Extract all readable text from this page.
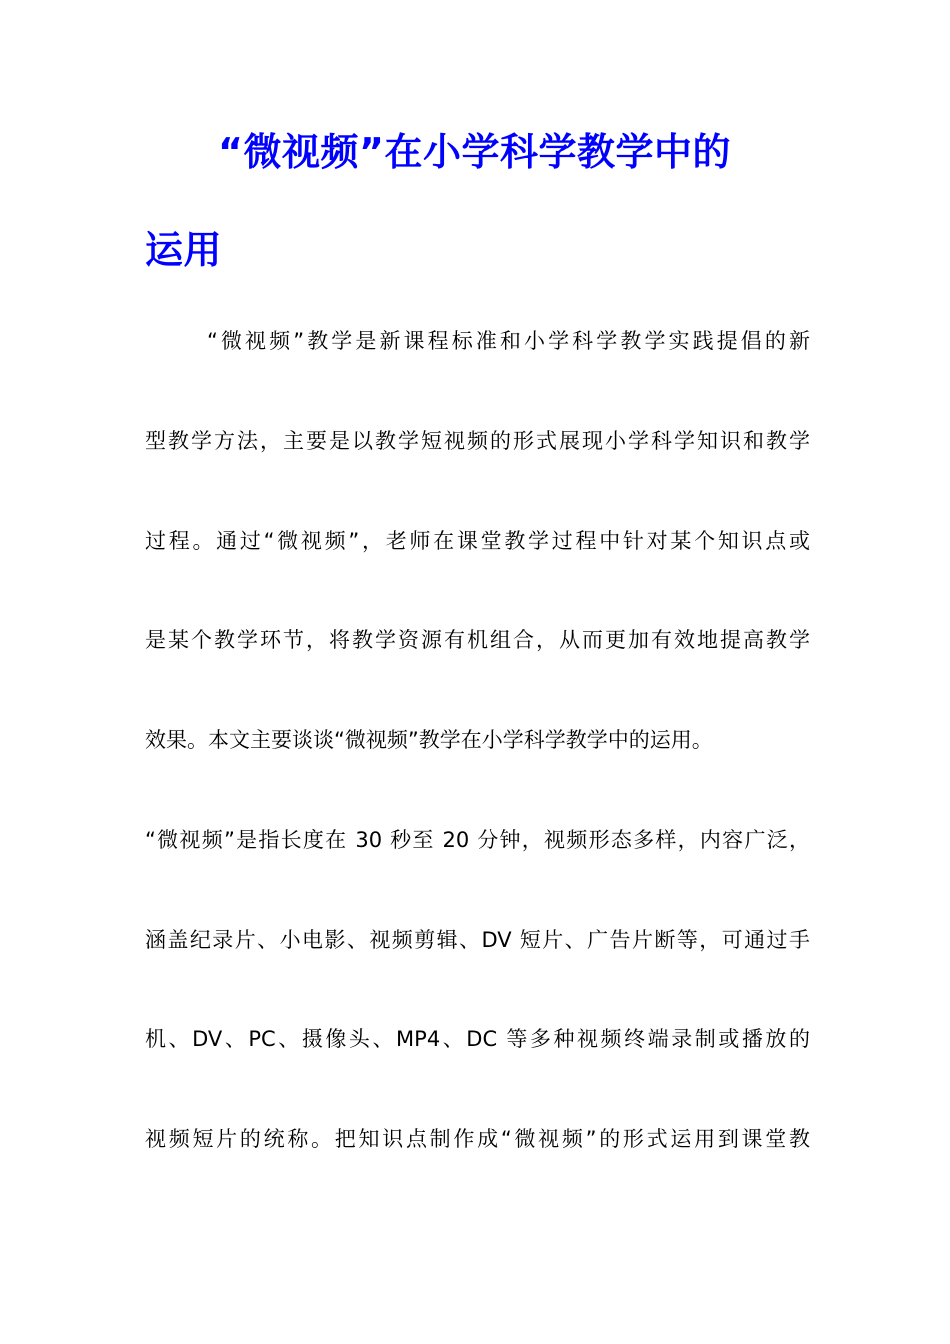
“微视频”在小学科学教学中的
运用
“微视频”教学是新课程标准和小学科学教学实践提倡的新
型教学方法，主要是以教学短视频的形式展现小学科学知识和教学
过程。通过“微视频”，老师在课堂教学过程中针对某个知识点或
是某个教学环节，将教学资源有机组合，从而更加有效地提高教学
效果。本文主要谈谈“微视频”教学在小学科学教学中的运用。
“微视频”是指长度在 30 秒至 20 分钟，视频形态多样，内容广泛，
涵盖纪录片、小电影、视频剪辑、DV 短片、广告片断等，可通过手
机、DV、PC、摄像头、MP4、DC 等多种视频终端录制或播放的
视频短片的统称。把知识点制作成“微视频”的形式运用到课堂教
